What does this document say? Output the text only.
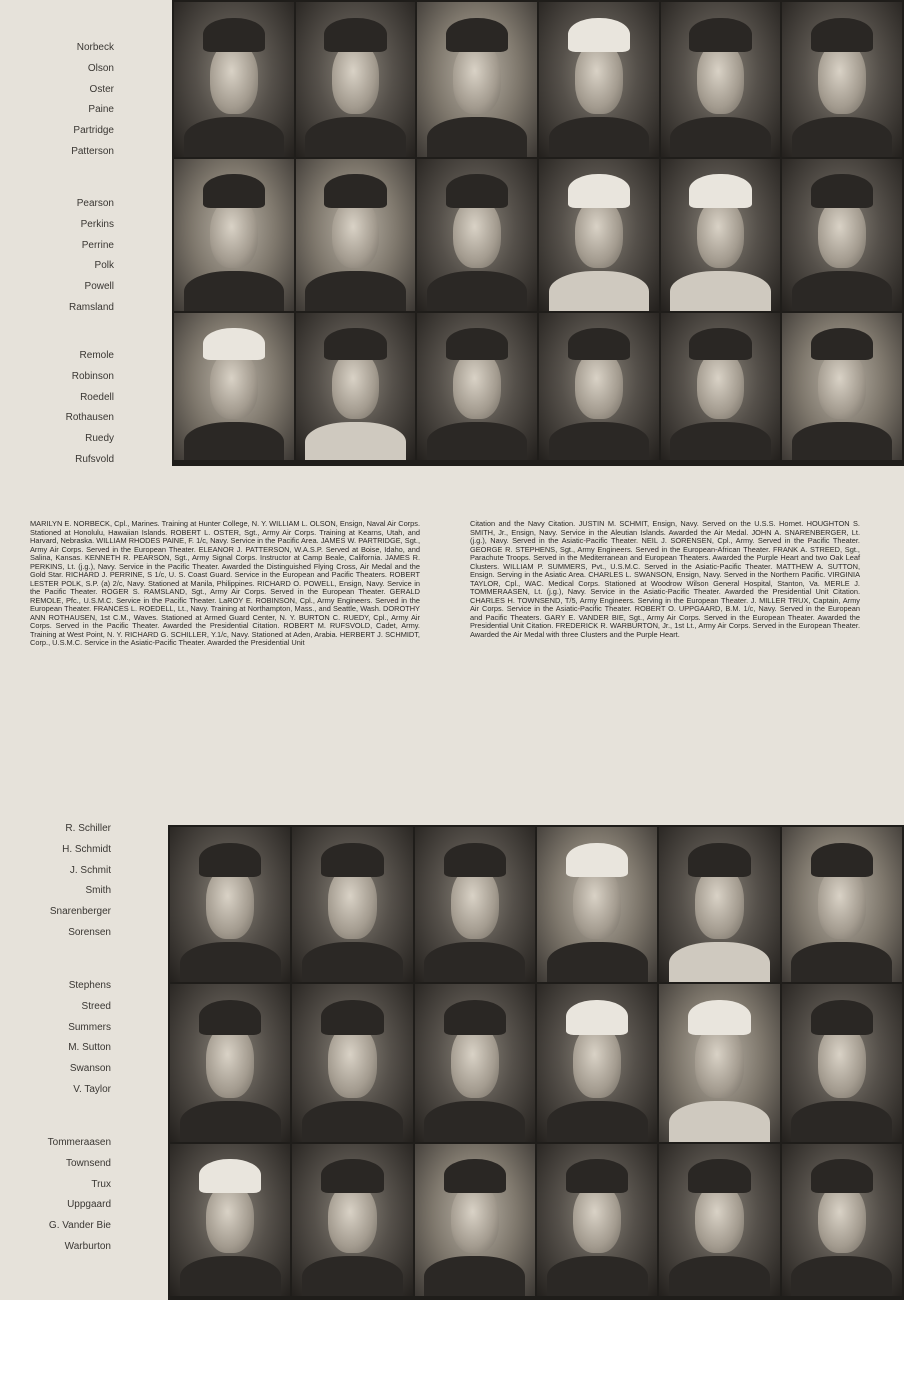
Norbeck
Olson
Oster
Paine
Partridge
Patterson
Pearson
Perkins
Perrine
Polk
Powell
Ramsland
Remole
Robinson
Roedell
Rothausen
Ruedy
Rufsvold

MARILYN E. NORBECK, Cpl., Marines. Training at Hunter College, N. Y. WILLIAM L. OLSON, Ensign, Naval Air Corps. Stationed at Honolulu, Hawaiian Islands. ROBERT L. OSTER, Sgt., Army Air Corps. Training at Kearns, Utah, and Harvard, Nebraska. WILLIAM RHODES PAINE, F. 1/c, Navy. Service in the Pacific Area. JAMES W. PARTRIDGE, Sgt., Army Air Corps. Served in the European Theater. ELEANOR J. PATTERSON, W.A.S.P. Served at Boise, Idaho, and Salina, Kansas. KENNETH R. PEARSON, Sgt., Army Signal Corps. Instructor at Camp Beale, California. JAMES R. PERKINS, Lt. (j.g.), Navy. Service in the Pacific Theater. Awarded the Distinguished Flying Cross, Air Medal and the Gold Star. RICHARD J. PERRINE, S 1/c, U. S. Coast Guard. Service in the European and Pacific Theaters. ROBERT LESTER POLK, S.P. (a) 2/c, Navy. Stationed at Manila, Philippines. RICHARD O. POWELL, Ensign, Navy. Service in the Pacific Theater. ROGER S. RAMSLAND, Sgt., Army Air Corps. Served in the European Theater. GERALD REMOLE, Pfc., U.S.M.C. Service in the Pacific Theater. LaROY E. ROBINSON, Cpl., Army Engineers. Served in the European Theater. FRANCES L. ROEDELL, Lt., Navy. Training at Northampton, Mass., and Seattle, Wash. DOROTHY ANN ROTHAUSEN, 1st C.M., Waves. Stationed at Armed Guard Center, N. Y. BURTON C. RUEDY, Cpl., Army Air Corps. Served in the Pacific Theater. Awarded the Presidential Citation. ROBERT M. RUFSVOLD, Cadet, Army. Training at West Point, N. Y. RICHARD G. SCHILLER, Y.1/c, Navy. Stationed at Aden, Arabia. HERBERT J. SCHMIDT, Corp., U.S.M.C. Service in the Asiatic-Pacific Theater. Awarded the Presidential Unit

Citation and the Navy Citation. JUSTIN M. SCHMIT, Ensign, Navy. Served on the U.S.S. Hornet. HOUGHTON S. SMITH, Jr., Ensign, Navy. Service in the Aleutian Islands. Awarded the Air Medal. JOHN A. SNARENBERGER, Lt. (j.g.), Navy. Served in the Asiatic-Pacific Theater. NEIL J. SORENSEN, Cpl., Army. Served in the Pacific Theater. GEORGE R. STEPHENS, Sgt., Army Engineers. Served in the European-African Theater. FRANK A. STREED, Sgt., Parachute Troops. Served in the Mediterranean and European Theaters. Awarded the Purple Heart and two Oak Leaf Clusters. WILLIAM P. SUMMERS, Pvt., U.S.M.C. Served in the Asiatic-Pacific Theater. MATTHEW A. SUTTON, Ensign. Serving in the Asiatic Area. CHARLES L. SWANSON, Ensign, Navy. Served in the Northern Pacific. VIRGINIA TAYLOR, Cpl., WAC. Medical Corps. Stationed at Woodrow Wilson General Hospital, Stanton, Va. MERLE J. TOMMERAASEN, Lt. (j.g.), Navy. Service in the Asiatic-Pacific Theater. Awarded the Presidential Unit Citation. CHARLES H. TOWNSEND, T/5, Army Engineers. Serving in the European Theater. J. MILLER TRUX, Captain, Army Air Corps. Service in the Asiatic-Pacific Theater. ROBERT O. UPPGAARD, B.M. 1/c, Navy. Served in the European and Pacific Theaters. GARY E. VANDER BIE, Sgt., Army Air Corps. Served in the European Theater. Awarded the Presidential Unit Citation. FREDERICK R. WARBURTON, Jr., 1st Lt., Army Air Corps. Served in the European Theater. Awarded the Air Medal with three Clusters and the Purple Heart.

R. Schiller
H. Schmidt
J. Schmit
Smith
Snarenberger
Sorensen
Stephens
Streed
Summers
M. Sutton
Swanson
V. Taylor
Tommeraasen
Townsend
Trux
Uppgaard
G. Vander Bie
Warburton
